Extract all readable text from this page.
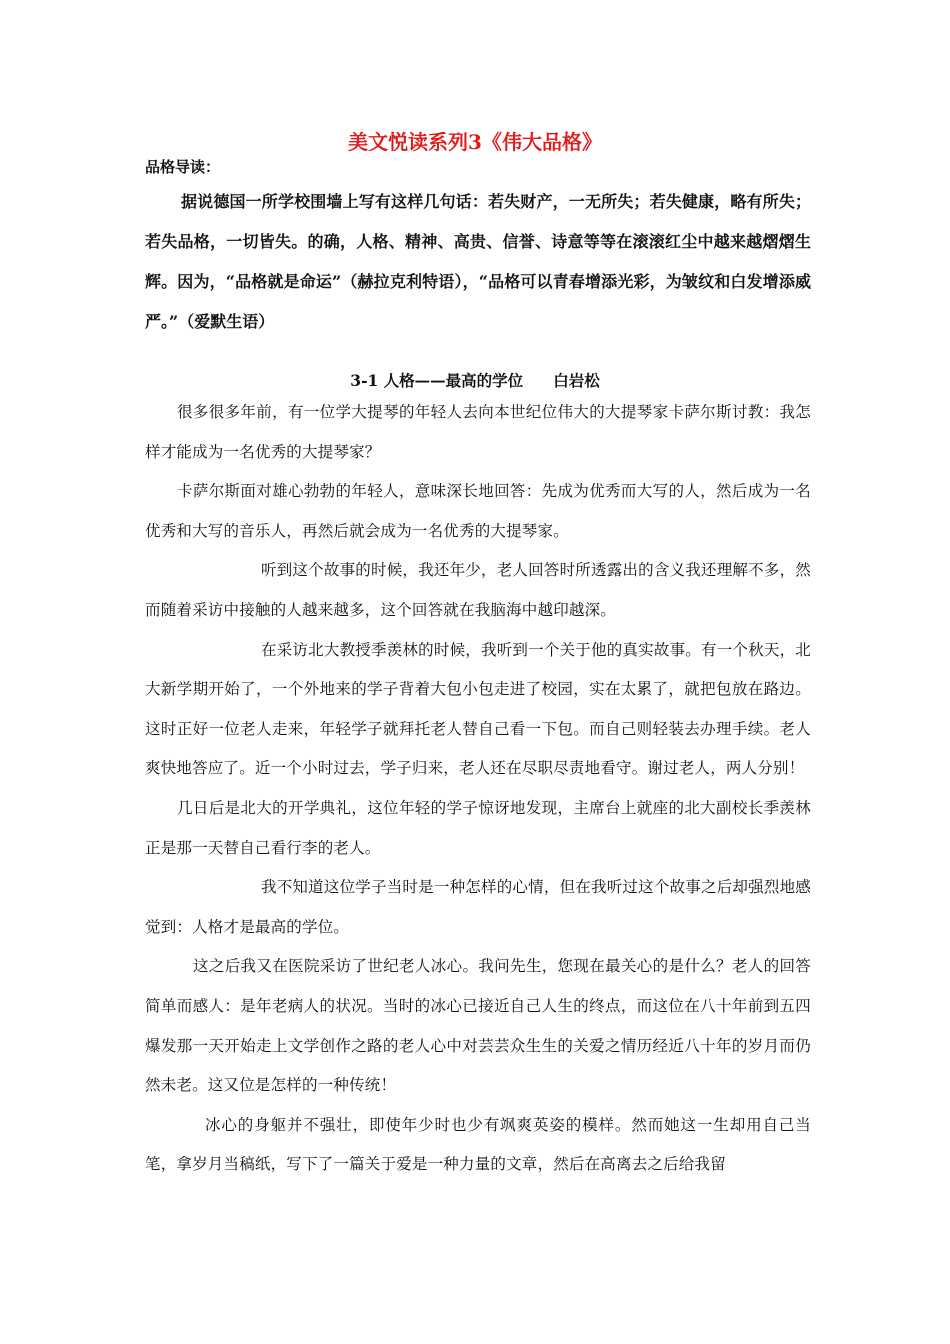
美文悦读系列3《伟大品格》
品格导读：

据说德国一所学校围墙上写有这样几句话：若失财产，一无所失；若失健康，略有所失；若失品格，一切皆失。的确，人格、精神、高贵、信誉、诗意等等在滚滚红尘中越来越熠熠生辉。因为，“品格就是命运”（赫拉克利特语），“品格可以青春增添光彩，为皱纹和白发增添威严。”（爱默生语）

3-1 人格——最高的学位 白岩松

很多很多年前，有一位学大提琴的年轻人去向本世纪位伟大的大提琴家卡萨尔斯讨教：我怎样才能成为一名优秀的大提琴家？

卡萨尔斯面对雄心勃勃的年轻人，意味深长地回答：先成为优秀而大写的人，然后成为一名优秀和大写的音乐人，再然后就会成为一名优秀的大提琴家。

听到这个故事的时候，我还年少，老人回答时所透露出的含义我还理解不多，然而随着采访中接触的人越来越多，这个回答就在我脑海中越印越深。

在采访北大教授季羡林的时候，我听到一个关于他的真实故事。有一个秋天，北大新学期开始了，一个外地来的学子背着大包小包走进了校园，实在太累了，就把包放在路边。这时正好一位老人走来，年轻学子就拜托老人替自己看一下包。而自己则轻装去办理手续。老人爽快地答应了。近一个小时过去，学子归来，老人还在尽职尽责地看守。谢过老人，两人分别！

几日后是北大的开学典礼，这位年轻的学子惊讶地发现，主席台上就座的北大副校长季羡林正是那一天替自己看行李的老人。

我不知道这位学子当时是一种怎样的心情，但在我听过这个故事之后却强烈地感觉到：人格才是最高的学位。

这之后我又在医院采访了世纪老人冰心。我问先生，您现在最关心的是什么？老人的回答简单而感人：是年老病人的状况。当时的冰心已接近自己人生的终点，而这位在八十年前到五四爆发那一天开始走上文学创作之路的老人心中对芸芸众生生的关爱之情历经近八十年的岁月而仍然未老。这又位是怎样的一种传统！

冰心的身躯并不强壮，即使年少时也少有飒爽英姿的模样。然而她这一生却用自己当笔，拿岁月当稿纸，写下了一篇关于爱是一种力量的文章，然后在高离去之后给我留
